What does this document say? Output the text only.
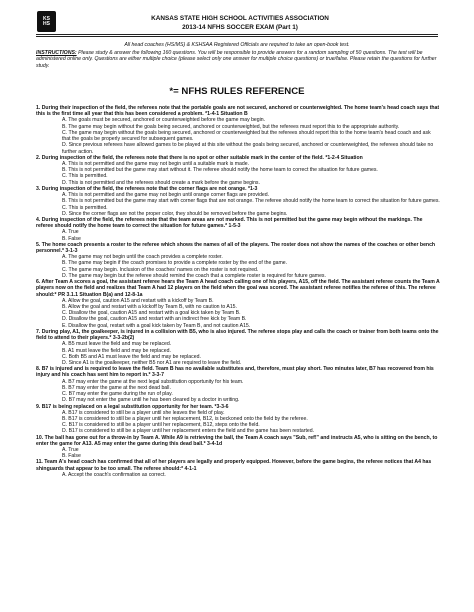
KS
HS
KANSAS STATE HIGH SCHOOL ACTIVITIES ASSOCIATION
2013-14 NFHS SOCCER EXAM (Part 1)
All head coaches (HS/MS) & KSHSAA Registered Officials are required to take an open-book test.
INSTRUCTIONS: Please study & answer the following 160 questions. You will be responsible to provide answers for a random sampling of 50 questions. The test will be administered online only. Questions are either multiple choice (please select only one answer for multiple choice questions) or true/false. Please retain the questions for further study.
*= NFHS RULES REFERENCE

1. During their inspection of the field, the referees note that the portable goals are not secured, anchored or counterweighted. The home team's head coach says that this is the first time all year that this has been considered a problem. *1-4-1 Situation B

A. The goals must be secured, anchored or counterweighted before the game may begin.

B. The game may begin without the goals being secured, anchored or counterweighted, but the referees must report this to the appropriate authority.

C. The game may begin without the goals being secured, anchored or counterweighted but the referees should report this to the home team's head coach and ask that the goals be properly secured for subsequent games.

D. Since previous referees have allowed games to be played at this site without the goals being secured, anchored or counterweighted, the referees should take no further action.

2. During inspection of the field, the referees note that there is no spot or other suitable mark in the center of the field. *1-2-4 Situation

A. This is not permitted and the game may not begin until a suitable mark is made.

B. This is not permitted but the game may start without it. The referee should notify the home team to correct the situation for future games.

C. This is permitted.

D. This is not permitted and the referees should create a mark before the game begins.

3. During inspection of the field, the referees note that the corner flags are not orange. *1-3

A. This is not permitted and the game may not begin until orange corner flags are provided.

B. This is not permitted but the game may start with corner flags that are not orange. The referee should notify the home team to correct the situation for future games.

C. This is permitted.

D. Since the corner flags are not the proper color, they should be removed before the game begins.

4. During inspection of the field, the referees note that the team areas are not marked. This is not permitted but the game may begin without the markings. The referee should notify the home team to correct the situation for future games.* 1-5-3

A. True

B. False

5. The home coach presents a roster to the referee which shows the names of all of the players. The roster does not show the names of the coaches or other bench personnel.* 3-1-3

A. The game may not begin until the coach provides a complete roster.

B. The game may begin if the coach promises to provide a complete roster by the end of the game.

C. The game may begin. Inclusion of the coaches' names on the roster is not required.

D. The game may begin but the referee should remind the coach that a complete roster is required for future games.

6. After Team A scores a goal, the assistant referee hears the Team A head coach calling one of his players, A15, off the field. The assistant referee counts the Team A players now on the field and realizes that Team A had 12 players on the field when the goal was scored. The assistant referee notifies the referee of this. The referee should:* PR 3.1.1 Situation B(a) and 12-8-1a

A. Allow the goal, caution A15 and restart with a kickoff by Team B.

B. Allow the goal and restart with a kickoff by Team B, with no caution to A15.

C. Disallow the goal, caution A15 and restart with a goal kick taken by Team B.

D. Disallow the goal, caution A15 and restart with an indirect free kick by Team B.

E. Disallow the goal, restart with a goal kick taken by Team B, and not caution A15.

7. During play, A1, the goalkeeper, is injured in a collision with B5, who is also injured. The referee stops play and calls the coach or trainer from both teams onto the field to attend to their players.* 3-3-2b(2)

A. B5 must leave the field and may be replaced.

B. A1 must leave the field and may be replaced.

C. Both B5 and A1 must leave the field and may be replaced.

D. Since A1 is the goalkeeper, neither B5 nor A1 are required to leave the field.

8. B7 is injured and is required to leave the field. Team B has no available substitutes and, therefore, must play short. Two minutes later, B7 has recovered from his injury and his coach has sent him to report in.* 3-3-7

A. B7 may enter the game at the next legal substitution opportunity for his team.

B. B7 may enter the game at the next dead ball.

C. B7 may enter the game during the run of play.

D. B7 may not enter the game until he has been cleared by a doctor in writing.

9. B17 is being replaced on a legal substitution opportunity for her team. *3-3-6

A. B17 is considered to still be a player until she leaves the field of play.

B. B17 is considered to still be a player until her replacement, B12, is beckoned onto the field by the referee.

C. B17 is considered to still be a player until her replacement, B12, steps onto the field.

D. B17 is considered to still be a player until her replacement enters the field and the game has been restarted.

10. The ball has gone out for a throw-in by Team A. While A9 is retrieving the ball, the Team A coach says "Sub, ref!" and instructs A5, who is sitting on the bench, to enter the game for A13. A5 may enter the game during this dead ball.* 3-4-1d

A. True

B. False

11. Team A's head coach has confirmed that all of her players are legally and properly equipped. However, before the game begins, the referee notices that A4 has shinguards that appear to be too small. The referee should:* 4-1-1

A. Accept the coach's confirmation as correct.
